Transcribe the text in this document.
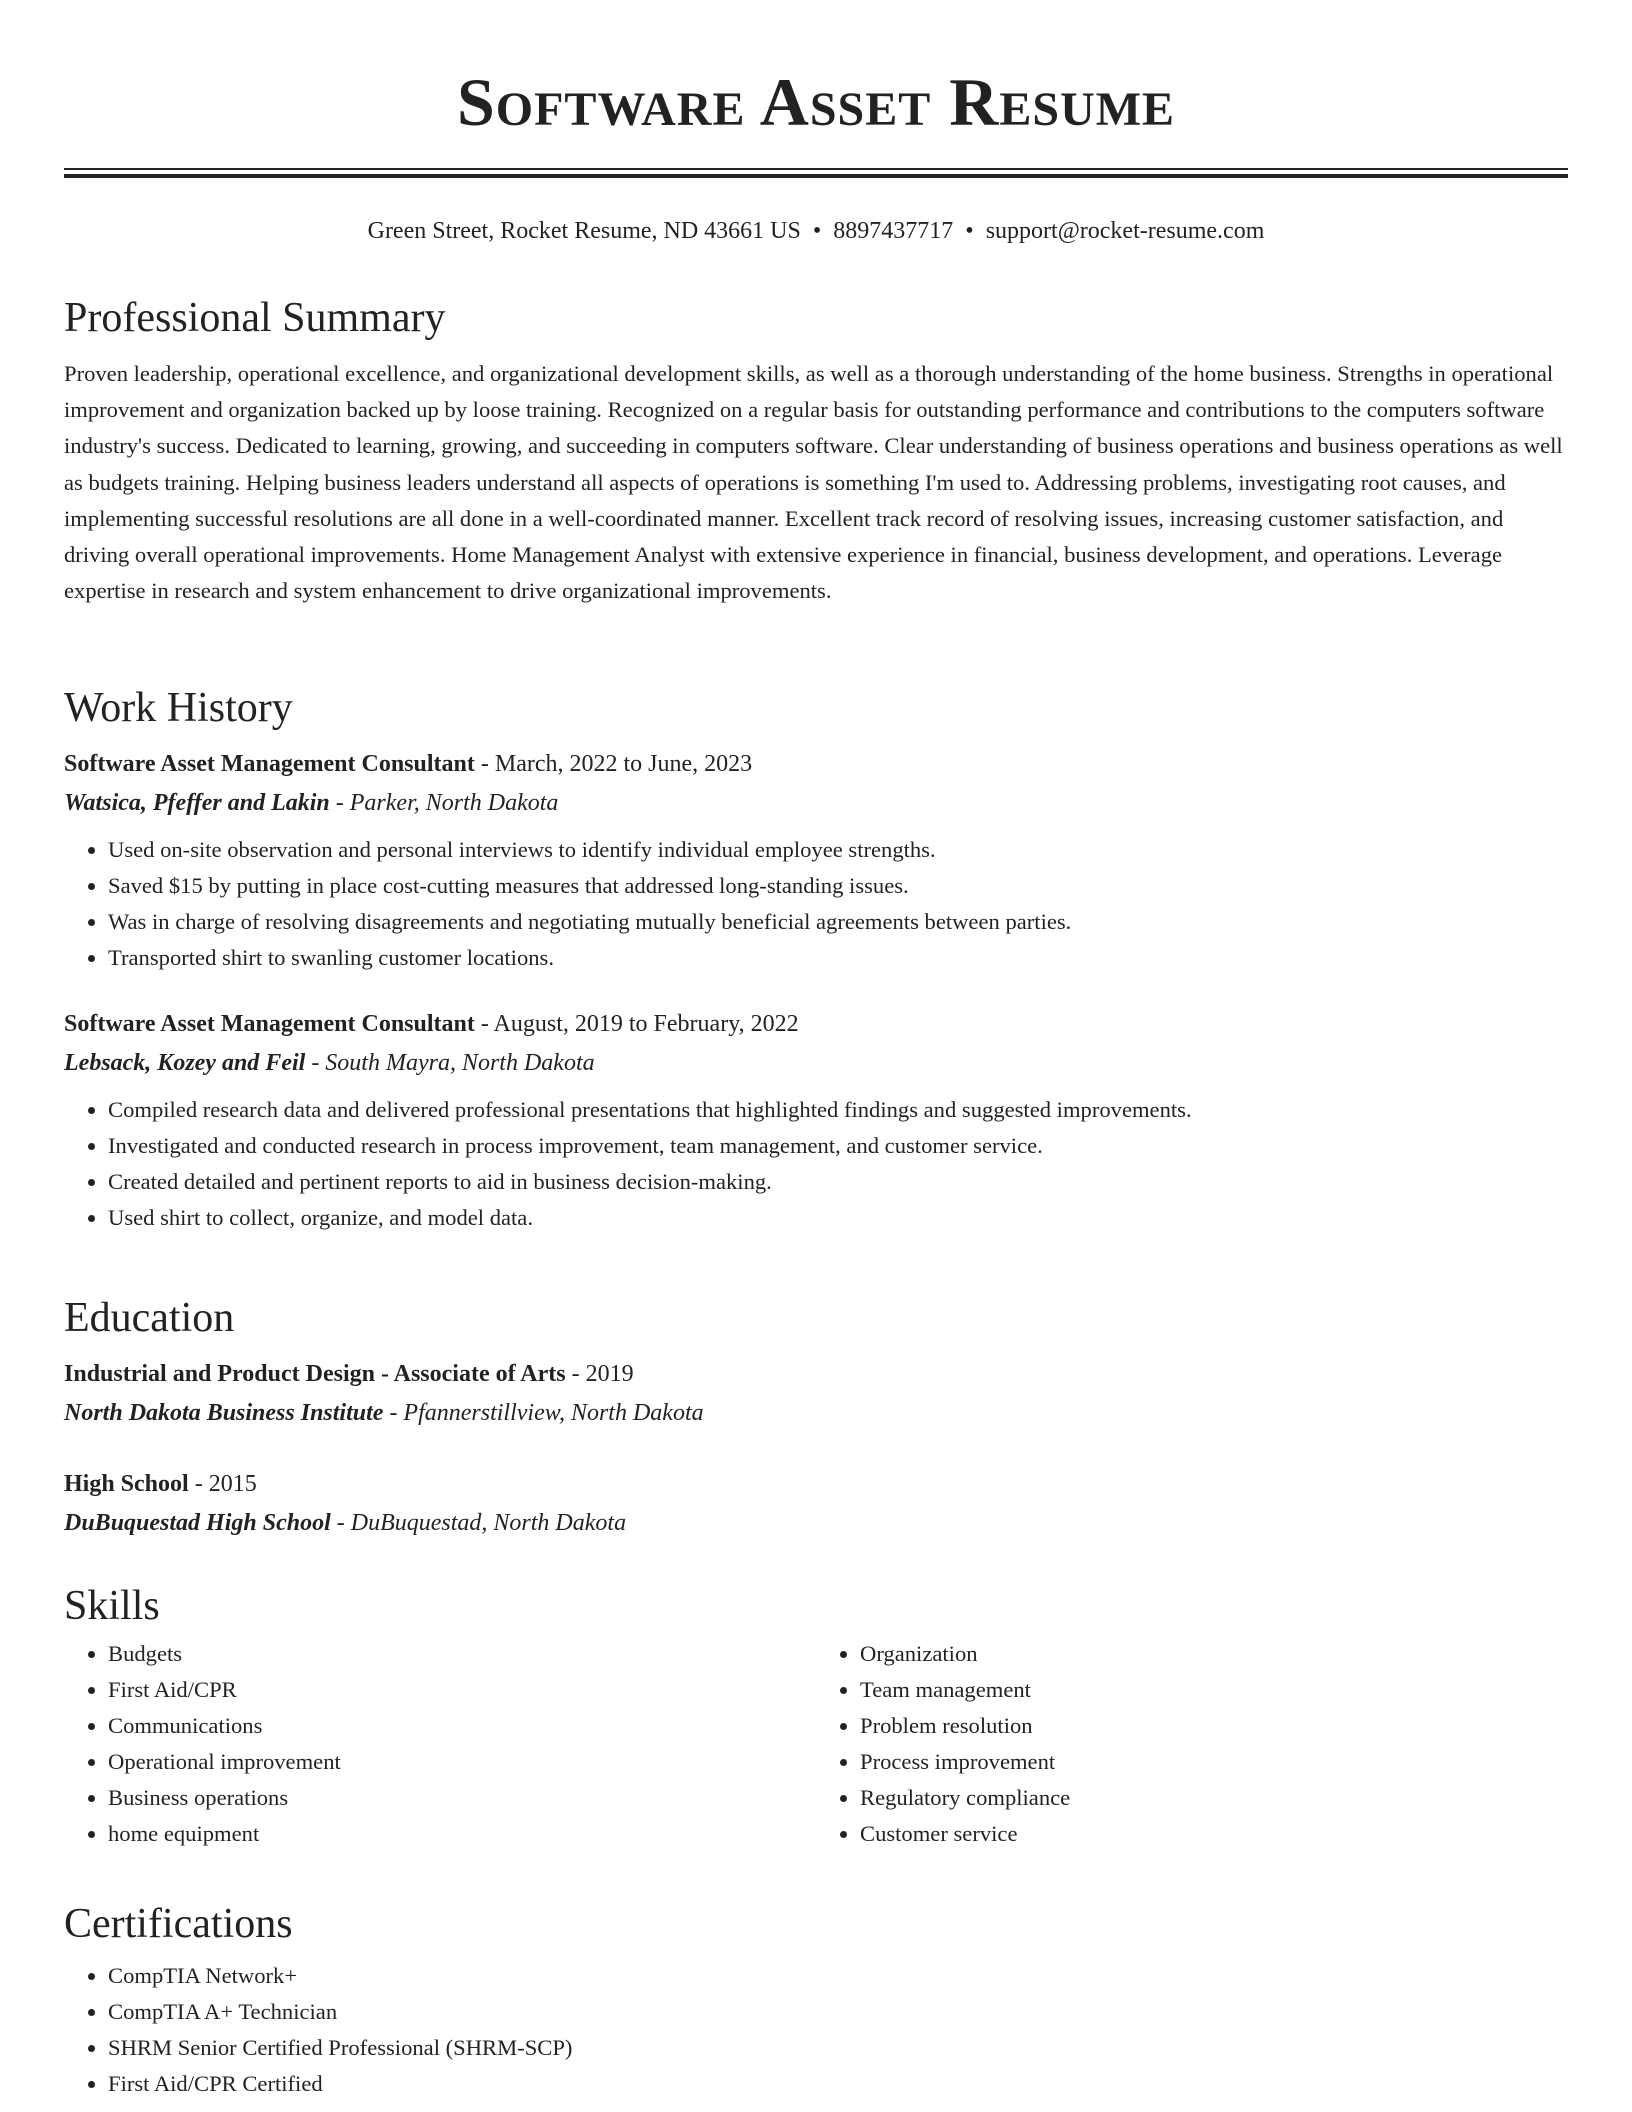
Software Asset Resume
Green Street, Rocket Resume, ND 43661 US • 8897437717 • support@rocket-resume.com
Professional Summary

Proven leadership, operational excellence, and organizational development skills, as well as a thorough understanding of the home business. Strengths in operational improvement and organization backed up by loose training. Recognized on a regular basis for outstanding performance and contributions to the computers software industry's success. Dedicated to learning, growing, and succeeding in computers software. Clear understanding of business operations and business operations as well as budgets training. Helping business leaders understand all aspects of operations is something I'm used to. Addressing problems, investigating root causes, and implementing successful resolutions are all done in a well-coordinated manner. Excellent track record of resolving issues, increasing customer satisfaction, and driving overall operational improvements. Home Management Analyst with extensive experience in financial, business development, and operations. Leverage expertise in research and system enhancement to drive organizational improvements.

Work History
Software Asset Management Consultant - March, 2022 to June, 2023
Watsica, Pfeffer and Lakin - Parker, North Dakota
• Used on-site observation and personal interviews to identify individual employee strengths.
• Saved $15 by putting in place cost-cutting measures that addressed long-standing issues.
• Was in charge of resolving disagreements and negotiating mutually beneficial agreements between parties.
• Transported shirt to swanling customer locations.
Software Asset Management Consultant - August, 2019 to February, 2022
Lebsack, Kozey and Feil - South Mayra, North Dakota
• Compiled research data and delivered professional presentations that highlighted findings and suggested improvements.
• Investigated and conducted research in process improvement, team management, and customer service.
• Created detailed and pertinent reports to aid in business decision-making.
• Used shirt to collect, organize, and model data.
Education
Industrial and Product Design - Associate of Arts - 2019
North Dakota Business Institute - Pfannerstillview, North Dakota
High School - 2015
DuBuquestad High School - DuBuquestad, North Dakota
Skills
• Budgets
• First Aid/CPR
• Communications
• Operational improvement
• Business operations
• home equipment
• Organization
• Team management
• Problem resolution
• Process improvement
• Regulatory compliance
• Customer service
Certifications
• CompTIA Network+
• CompTIA A+ Technician
• SHRM Senior Certified Professional (SHRM-SCP)
• First Aid/CPR Certified
